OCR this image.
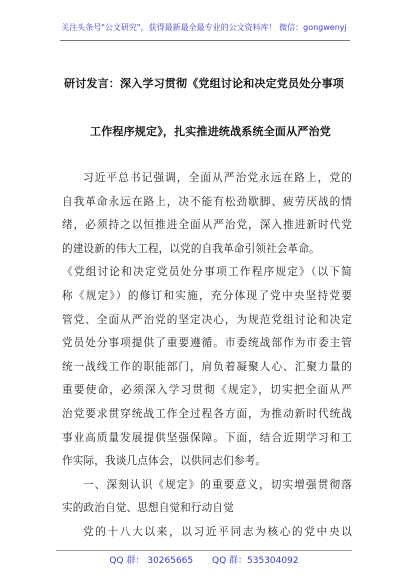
关注头条号"公文研究"，获得最新最全最专业的公文资料库！ 微信：gongwenyj
研讨发言：深入学习贯彻《党组讨论和决定党员处分事项
工作程序规定》，扎实推进统战系统全面从严治党
习近平总书记强调，全面从严治党永远在路上，党的
自我革命永远在路上，决不能有松劲歇脚、疲劳厌战的情
绪，必须持之以恒推进全面从严治党，深入推进新时代党
的建设新的伟大工程，以党的自我革命引领社会革命。
《党组讨论和决定党员处分事项工作程序规定》（以下简
称《规定》）的修订和实施，充分体现了党中央坚持党要
管党、全面从严治党的坚定决心，为规范党组讨论和决定
党员处分事项提供了重要遵循。市委统战部作为市委主管
统一战线工作的职能部门，肩负着凝聚人心、汇聚力量的
重要使命，必须深入学习贯彻《规定》，切实把全面从严
治党要求贯穿统战工作全过程各方面，为推动新时代统战
事业高质量发展提供坚强保障。下面，结合近期学习和工
作实际，我谈几点体会，以供同志们参考。
一、深刻认识《规定》的重要意义，切实增强贯彻落
实的政治自觉、思想自觉和行动自觉
党的十八大以来，以习近平同志为核心的党中央以
QQ 群： 30265665 QQ 群：535304092
